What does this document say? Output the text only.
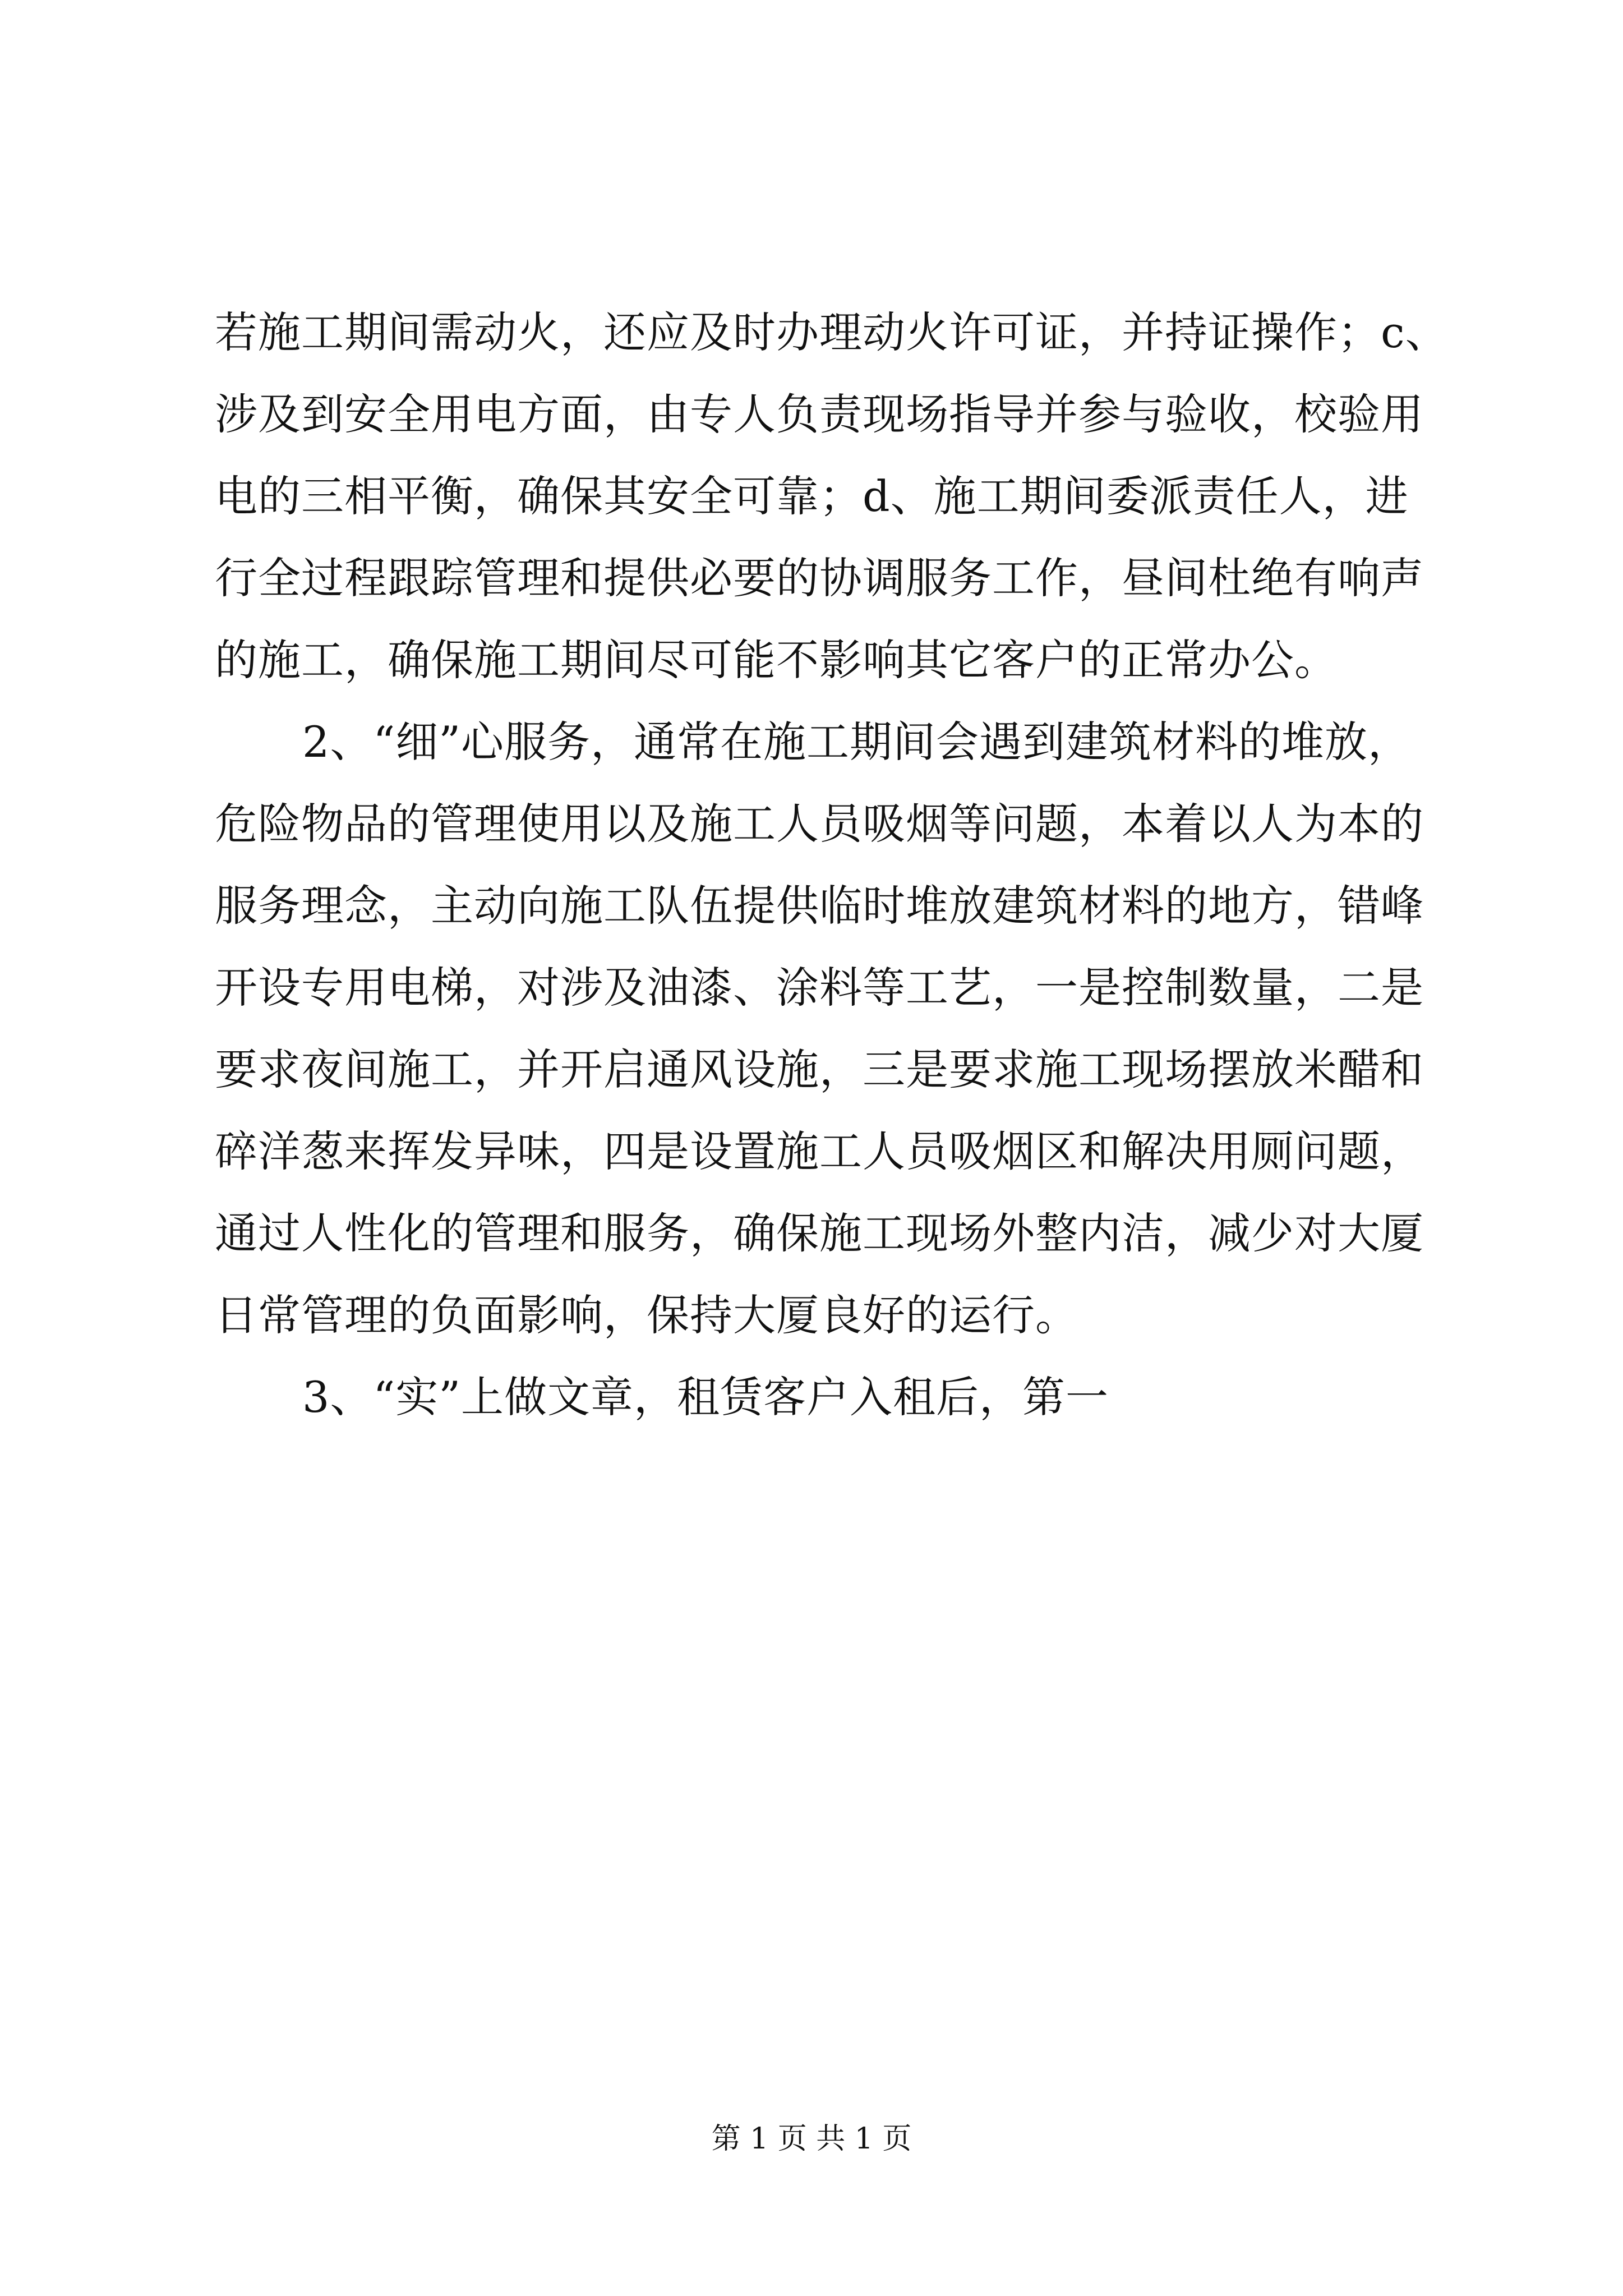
若施工期间需动火，还应及时办理动火许可证，并持证操作；c、
涉及到安全用电方面，由专人负责现场指导并参与验收，校验用
电的三相平衡，确保其安全可靠；d、施工期间委派责任人，进
行全过程跟踪管理和提供必要的协调服务工作，昼间杜绝有响声
的施工，确保施工期间尽可能不影响其它客户的正常办公。
2、“细”心服务，通常在施工期间会遇到建筑材料的堆放，
危险物品的管理使用以及施工人员吸烟等问题，本着以人为本的
服务理念，主动向施工队伍提供临时堆放建筑材料的地方，错峰
开设专用电梯，对涉及油漆、涂料等工艺，一是控制数量，二是
要求夜间施工，并开启通风设施，三是要求施工现场摆放米醋和
碎洋葱来挥发异味，四是设置施工人员吸烟区和解决用厕问题，
通过人性化的管理和服务，确保施工现场外整内洁，减少对大厦
日常管理的负面影响，保持大厦良好的运行。
3、“实”上做文章，租赁客户入租后，第一
第 1 页 共 1 页
